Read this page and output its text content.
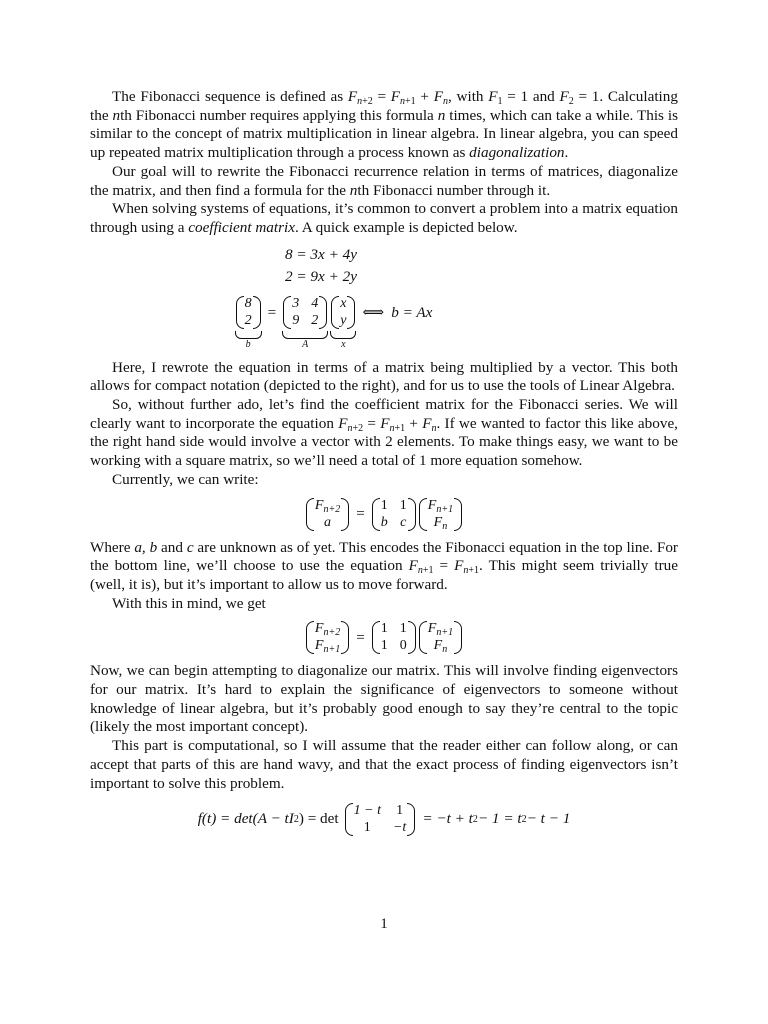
The Fibonacci sequence is defined as $F_{n+2} = F_{n+1} + F_n$, with $F_1 = 1$ and $F_2 = 1$. Calculating the nth Fibonacci number requires applying this formula n times, which can take a while. This is similar to the concept of matrix multiplication in linear algebra. In linear algebra, you can speed up repeated matrix multiplication through a process known as diagonalization.

Our goal will to rewrite the Fibonacci recurrence relation in terms of matrices, diagonalize the matrix, and then find a formula for the nth Fibonacci number through it.

When solving systems of equations, it’s common to convert a problem into a matrix equation through using a coefficient matrix. A quick example is depicted below.

8 = 3x + 4y
2 = 9x + 2y
8
2
b
=
3 4
9 2
A
x
y
x
⟺ b = Ax

Here, I rewrote the equation in terms of a matrix being multiplied by a vector. This both allows for compact notation (depicted to the right), and for us to use the tools of Linear Algebra.

So, without further ado, let’s find the coefficient matrix for the Fibonacci series. We will clearly want to incorporate the equation $F_{n+2} = F_{n+1} + F_n$. If we wanted to factor this like above, the right hand side would involve a vector with 2 elements. To make things easy, we want to be working with a square matrix, so we’ll need a total of 1 more equation somehow.

Currently, we can write:

$F_{n+2}$
a
= 1 1
b c
$F_{n+1}$
$F_n$

Where a, b and c are unknown as of yet. This encodes the Fibonacci equation in the top line. For the bottom line, we’ll choose to use the equation $F_{n+1} = F_{n+1}$. This might seem trivially true (well, it is), but it’s important to allow us to move forward.

With this in mind, we get

$F_{n+2}$
$F_{n+1}$
= 1 1
1 0
$F_{n+1}$
$F_n$

Now, we can begin attempting to diagonalize our matrix. This will involve finding eigenvectors for our matrix. It’s hard to explain the significance of eigenvectors to someone without knowledge of linear algebra, but it’s probably good enough to say they’re central to the topic (likely the most important concept).

This part is computational, so I will assume that the reader either can follow along, or can accept that parts of this are hand wavy, and that the exact process of finding eigenvectors isn’t important to solve this problem.

f(t) = det(A − tI 2 ) = det 1 − t 1
1	−t
= −t + t 2 − 1 = t 2 − t − 1
1
